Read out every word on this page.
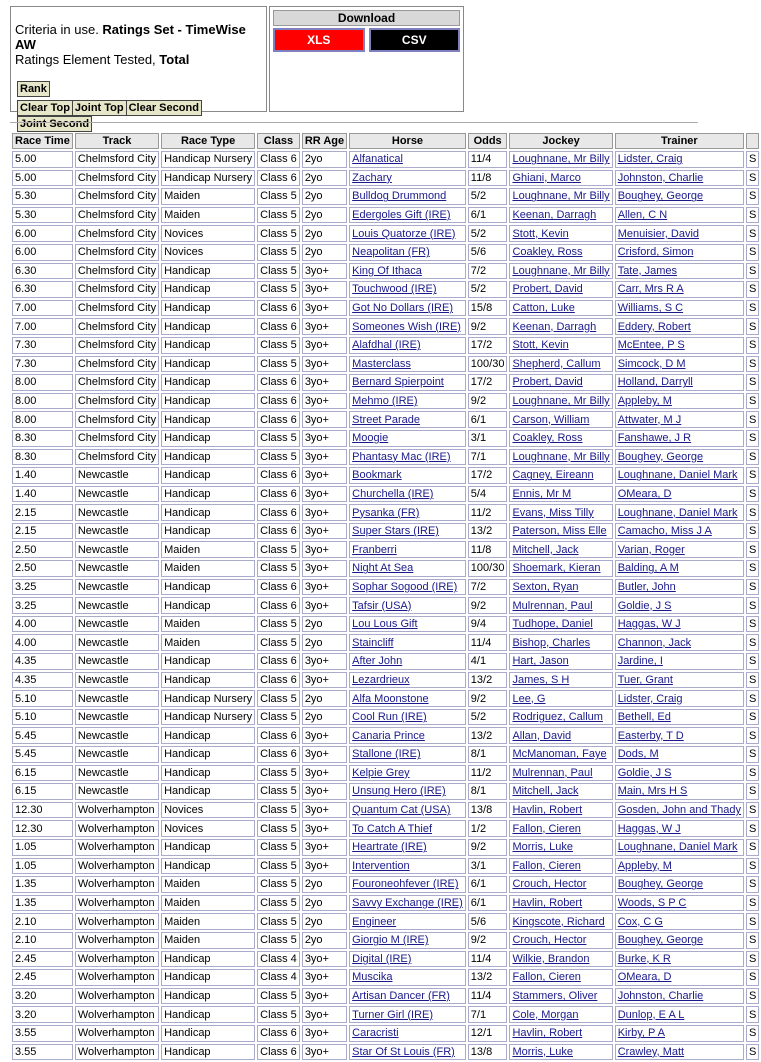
Criteria in use. Ratings Set - TimeWise AW
Ratings Element Tested, Total
Rank
Clear Top Joint Top Clear SecondJoint Second
Download
XLS	CSV
Race Time	Track	Race Type	Class	RR Age	Horse	Odds	Jockey	Trainer	
5.00	Chelmsford City	Handicap Nursery	Class 6	2yo	Alfanatical	11/4	Loughnane, Mr Billy	Lidster, Craig	S
5.00	Chelmsford City	Handicap Nursery	Class 6	2yo	Zachary	11/8	Ghiani, Marco	Johnston, Charlie	S
5.30	Chelmsford City	Maiden	Class 5	2yo	Bulldog Drummond	5/2	Loughnane, Mr Billy	Boughey, George	S
5.30	Chelmsford City	Maiden	Class 5	2yo	Edergoles Gift (IRE)	6/1	Keenan, Darragh	Allen, C N	S
6.00	Chelmsford City	Novices	Class 5	2yo	Louis Quatorze (IRE)	5/2	Stott, Kevin	Menuisier, David	S
6.00	Chelmsford City	Novices	Class 5	2yo	Neapolitan (FR)	5/6	Coakley, Ross	Crisford, Simon	S
6.30	Chelmsford City	Handicap	Class 5	3yo+	King Of Ithaca	7/2	Loughnane, Mr Billy	Tate, James	S
6.30	Chelmsford City	Handicap	Class 5	3yo+	Touchwood (IRE)	5/2	Probert, David	Carr, Mrs R A	S
7.00	Chelmsford City	Handicap	Class 6	3yo+	Got No Dollars (IRE)	15/8	Catton, Luke	Williams, S C	S
7.00	Chelmsford City	Handicap	Class 6	3yo+	Someones Wish (IRE)	9/2	Keenan, Darragh	Eddery, Robert	S
7.30	Chelmsford City	Handicap	Class 5	3yo+	Alafdhal (IRE)	17/2	Stott, Kevin	McEntee, P S	S
7.30	Chelmsford City	Handicap	Class 5	3yo+	Masterclass	100/30	Shepherd, Callum	Simcock, D M	S
8.00	Chelmsford City	Handicap	Class 6	3yo+	Bernard Spierpoint	17/2	Probert, David	Holland, Darryll	S
8.00	Chelmsford City	Handicap	Class 6	3yo+	Mehmo (IRE)	9/2	Loughnane, Mr Billy	Appleby, M	S
8.00	Chelmsford City	Handicap	Class 6	3yo+	Street Parade	6/1	Carson, William	Attwater, M J	S
8.30	Chelmsford City	Handicap	Class 5	3yo+	Moogie	3/1	Coakley, Ross	Fanshawe, J R	S
8.30	Chelmsford City	Handicap	Class 5	3yo+	Phantasy Mac (IRE)	7/1	Loughnane, Mr Billy	Boughey, George	S
1.40	Newcastle	Handicap	Class 6	3yo+	Bookmark	17/2	Cagney, Eireann	Loughnane, Daniel Mark	S
1.40	Newcastle	Handicap	Class 6	3yo+	Churchella (IRE)	5/4	Ennis, Mr M	OMeara, D	S
2.15	Newcastle	Handicap	Class 6	3yo+	Pysanka (FR)	11/2	Evans, Miss Tilly	Loughnane, Daniel Mark	S
2.15	Newcastle	Handicap	Class 6	3yo+	Super Stars (IRE)	13/2	Paterson, Miss Elle	Camacho, Miss J A	S
2.50	Newcastle	Maiden	Class 5	3yo+	Franberri	11/8	Mitchell, Jack	Varian, Roger	S
2.50	Newcastle	Maiden	Class 5	3yo+	Night At Sea	100/30	Shoemark, Kieran	Balding, A M	S
3.25	Newcastle	Handicap	Class 6	3yo+	Sophar Sogood (IRE)	7/2	Sexton, Ryan	Butler, John	S
3.25	Newcastle	Handicap	Class 6	3yo+	Tafsir (USA)	9/2	Mulrennan, Paul	Goldie, J S	S
4.00	Newcastle	Maiden	Class 5	2yo	Lou Lous Gift	9/4	Tudhope, Daniel	Haggas, W J	S
4.00	Newcastle	Maiden	Class 5	2yo	Staincliff	11/4	Bishop, Charles	Channon, Jack	S
4.35	Newcastle	Handicap	Class 6	3yo+	After John	4/1	Hart, Jason	Jardine, I	S
4.35	Newcastle	Handicap	Class 6	3yo+	Lezardrieux	13/2	James, S H	Tuer, Grant	S
5.10	Newcastle	Handicap Nursery	Class 5	2yo	Alfa Moonstone	9/2	Lee, G	Lidster, Craig	S
5.10	Newcastle	Handicap Nursery	Class 5	2yo	Cool Run (IRE)	5/2	Rodriguez, Callum	Bethell, Ed	S
5.45	Newcastle	Handicap	Class 6	3yo+	Canaria Prince	13/2	Allan, David	Easterby, T D	S
5.45	Newcastle	Handicap	Class 6	3yo+	Stallone (IRE)	8/1	McManoman, Faye	Dods, M	S
6.15	Newcastle	Handicap	Class 5	3yo+	Kelpie Grey	11/2	Mulrennan, Paul	Goldie, J S	S
6.15	Newcastle	Handicap	Class 5	3yo+	Unsung Hero (IRE)	8/1	Mitchell, Jack	Main, Mrs H S	S
12.30	Wolverhampton	Novices	Class 5	3yo+	Quantum Cat (USA)	13/8	Havlin, Robert	Gosden, John and Thady	S
12.30	Wolverhampton	Novices	Class 5	3yo+	To Catch A Thief	1/2	Fallon, Cieren	Haggas, W J	S
1.05	Wolverhampton	Handicap	Class 5	3yo+	Heartrate (IRE)	9/2	Morris, Luke	Loughnane, Daniel Mark	S
1.05	Wolverhampton	Handicap	Class 5	3yo+	Intervention	3/1	Fallon, Cieren	Appleby, M	S
1.35	Wolverhampton	Maiden	Class 5	2yo	Fouroneohfever (IRE)	6/1	Crouch, Hector	Boughey, George	S
1.35	Wolverhampton	Maiden	Class 5	2yo	Savvy Exchange (IRE)	6/1	Havlin, Robert	Woods, S P C	S
2.10	Wolverhampton	Maiden	Class 5	2yo	Engineer	5/6	Kingscote, Richard	Cox, C G	S
2.10	Wolverhampton	Maiden	Class 5	2yo	Giorgio M (IRE)	9/2	Crouch, Hector	Boughey, George	S
2.45	Wolverhampton	Handicap	Class 4	3yo+	Digital (IRE)	11/4	Wilkie, Brandon	Burke, K R	S
2.45	Wolverhampton	Handicap	Class 4	3yo+	Muscika	13/2	Fallon, Cieren	OMeara, D	S
3.20	Wolverhampton	Handicap	Class 5	3yo+	Artisan Dancer (FR)	11/4	Stammers, Oliver	Johnston, Charlie	S
3.20	Wolverhampton	Handicap	Class 5	3yo+	Turner Girl (IRE)	7/1	Cole, Morgan	Dunlop, E A L	S
3.55	Wolverhampton	Handicap	Class 6	3yo+	Caracristi	12/1	Havlin, Robert	Kirby, P A	S
3.55	Wolverhampton	Handicap	Class 6	3yo+	Star Of St Louis (FR)	13/8	Morris, Luke	Crawley, Matt	S
